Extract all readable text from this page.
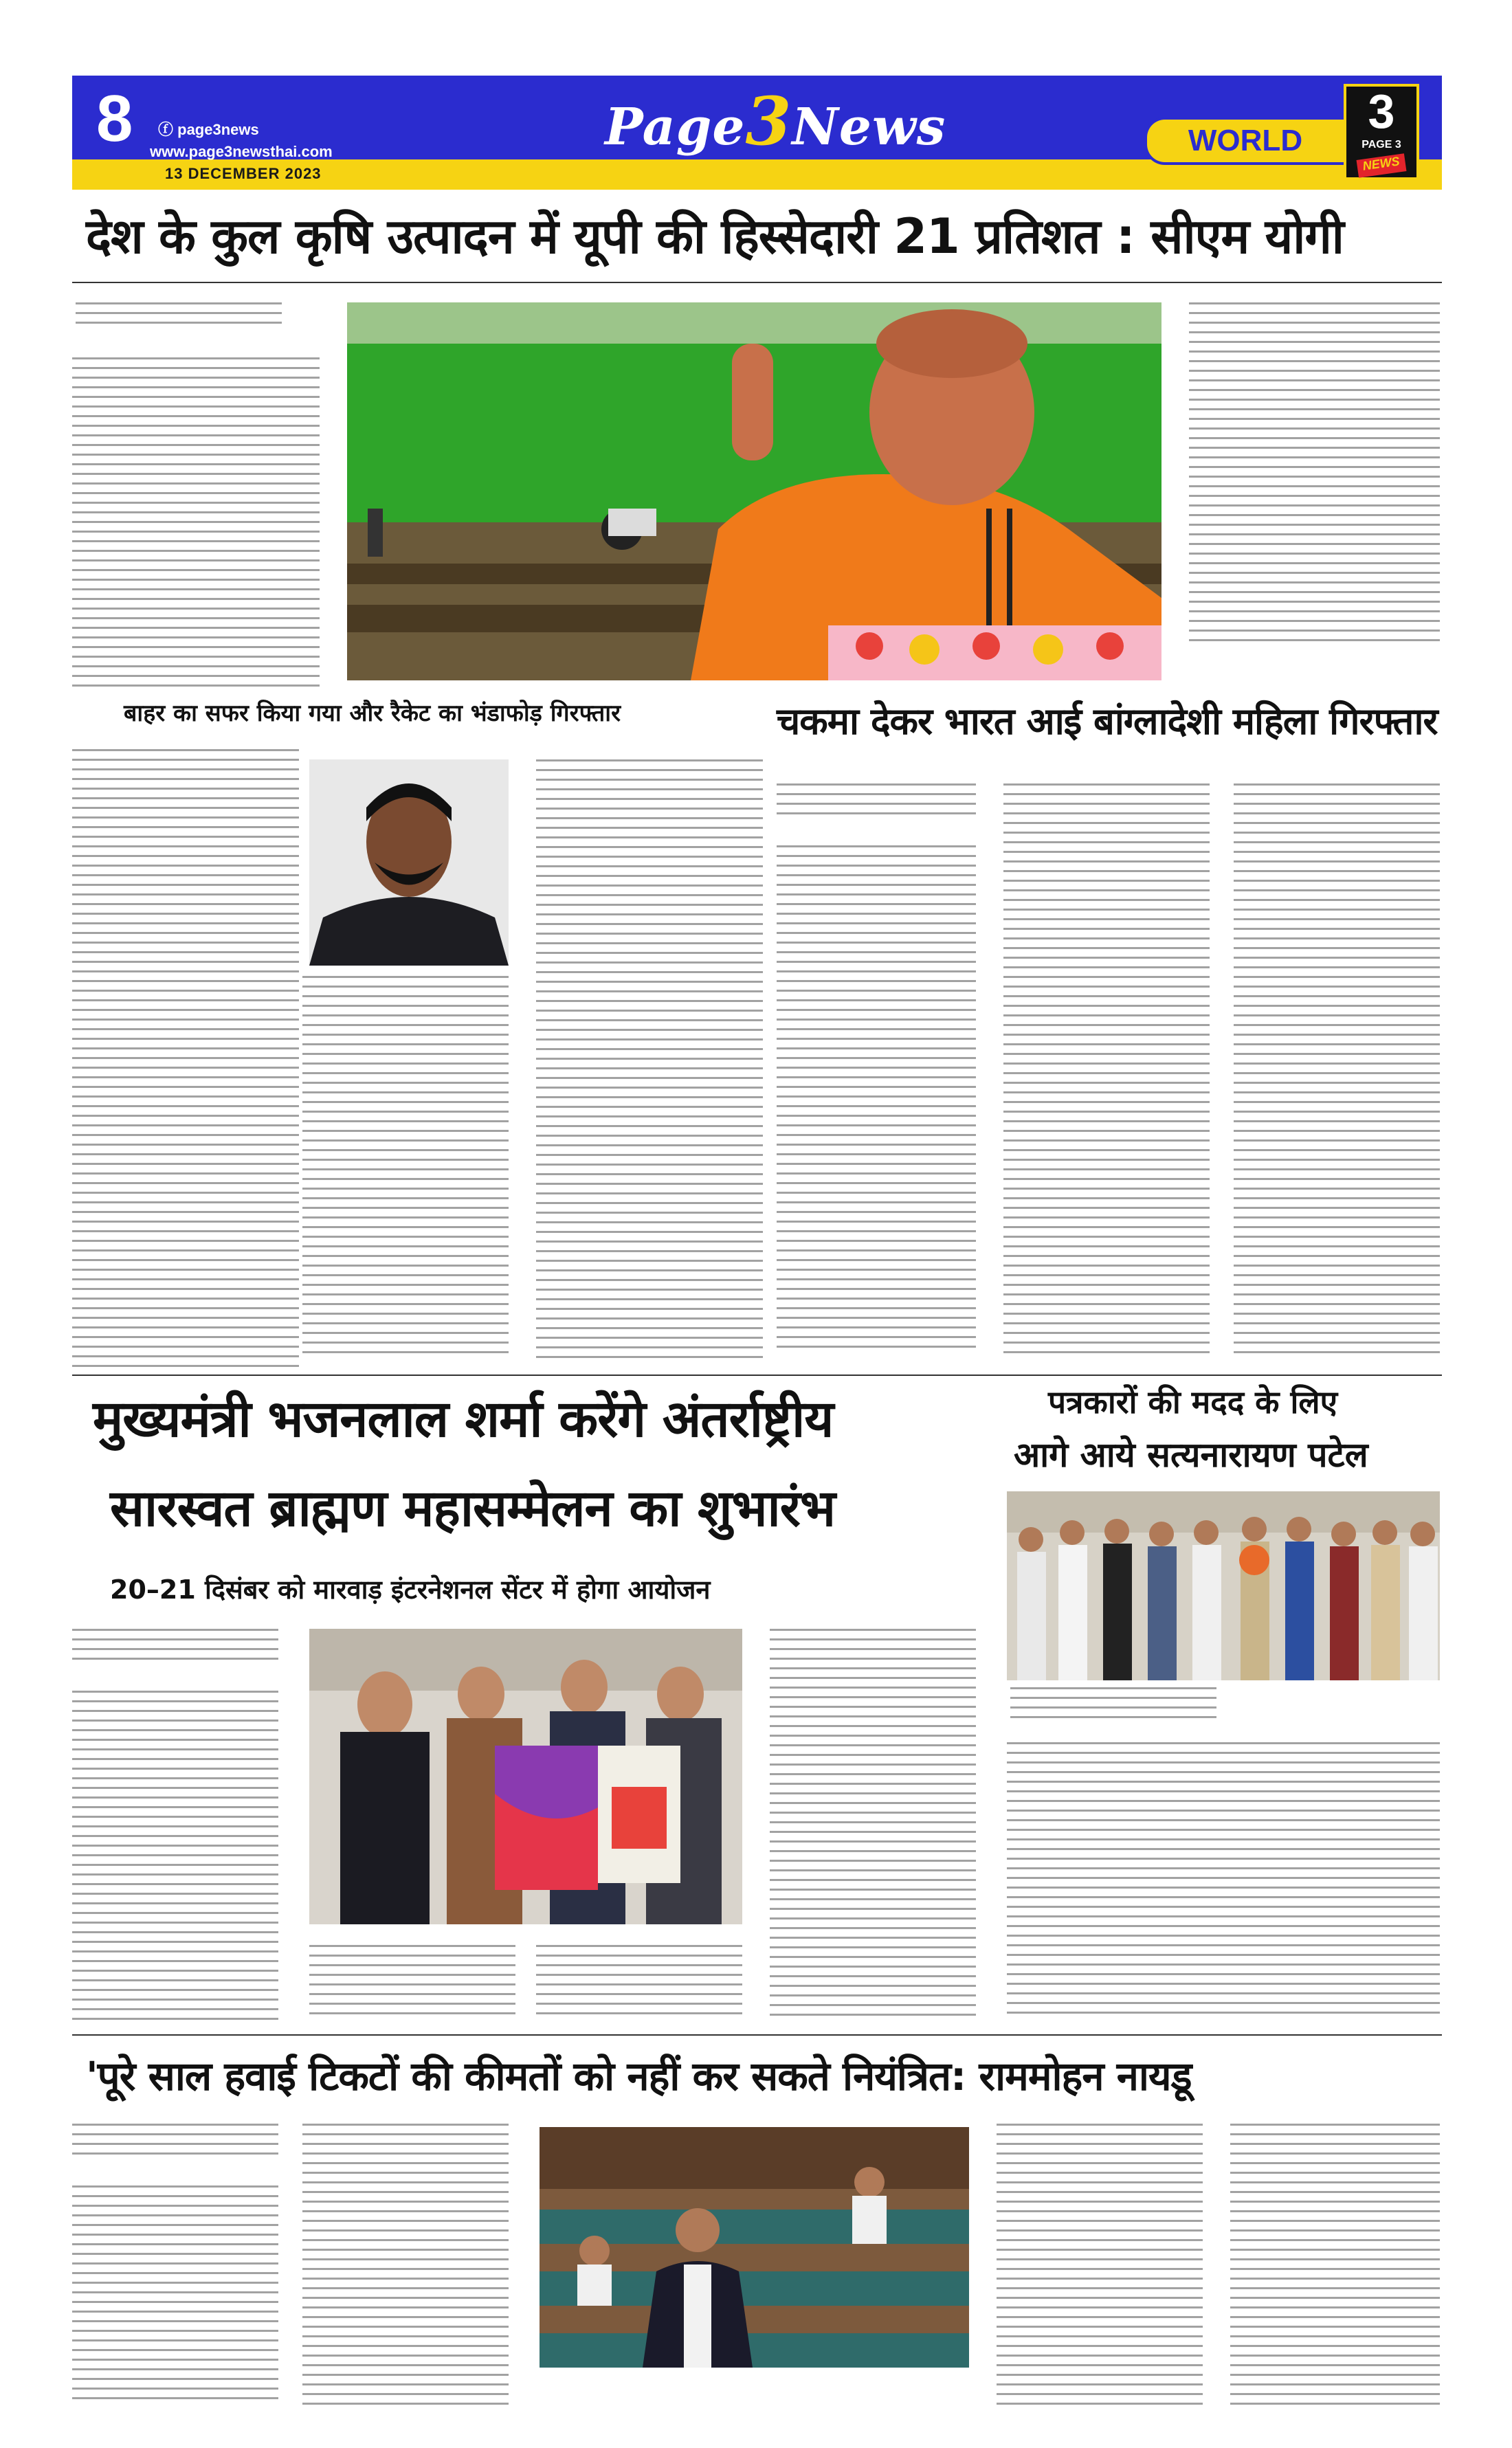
8 ⓕ page3news
www.page3newsthai.com
13 DECEMBER 2023
Page3News	WORLD
3
PAGE 3
NEWS
देश के कुल कृषि उत्पादन में यूपी की हिस्सेदारी 21 प्रतिशत : सीएम योगी
बाहर का सफर किया गया और रैकेट का भंडाफोड़ गिरफ्तार	चकमा देकर भारत आई बांग्लादेशी महिला गिरफ्तार
मुख्यमंत्री भजनलाल शर्मा करेंगे अंतर्राष्ट्रीय
सारस्वत ब्राह्मण महासम्मेलन का शुभारंभ
20–21 दिसंबर को मारवाड़ इंटरनेशनल सेंटर में होगा आयोजन
पत्रकारों की मदद के लिए
आगे आये सत्यनारायण पटेल
'पूरे साल हवाई टिकटों की कीमतों को नहीं कर सकते नियंत्रित: राममोहन नायडू
